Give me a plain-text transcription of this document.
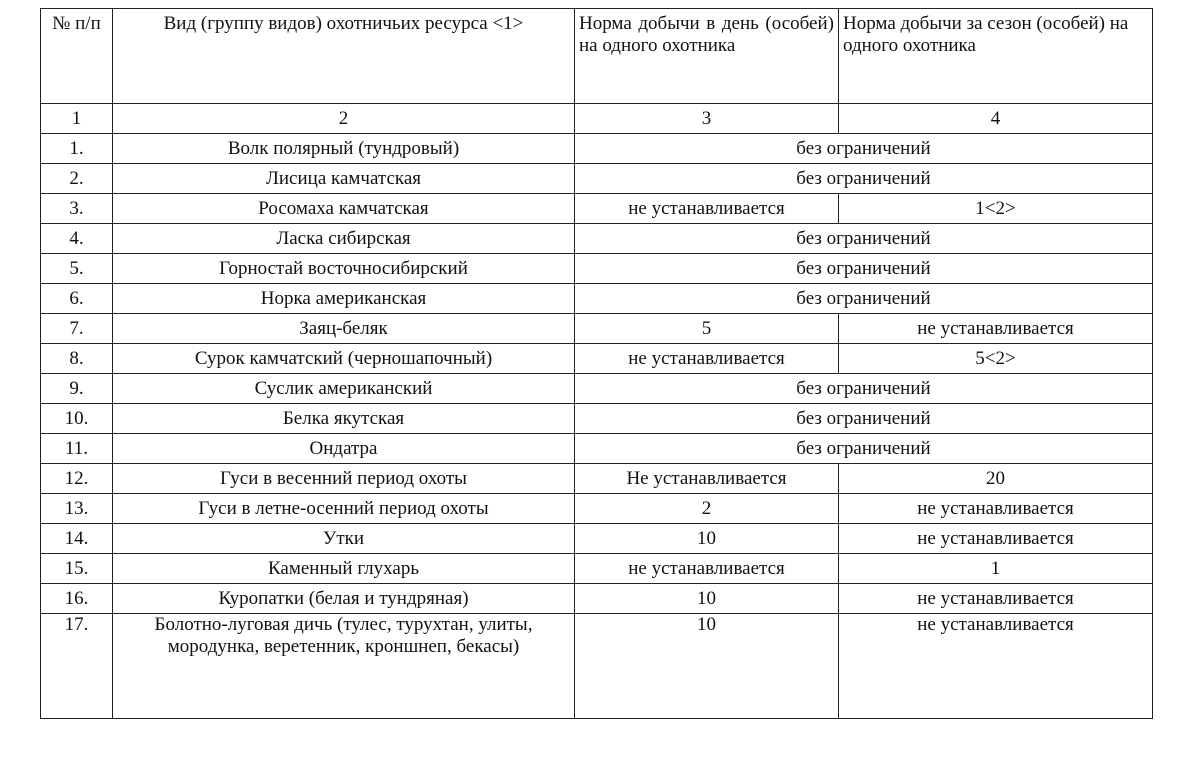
№ п/п	Вид (группу видов) охотничьих ресурса <1>	Норма добычи в день (особей) на одного охотника	Норма добычи за сезон (особей) на одного охотника
1	2	3	4
1.	Волк полярный (тундровый)	без ограничений	
2.	Лисица камчатская	без ограничений	
3.	Росомаха камчатская	не устанавливается	1<2>
4.	Ласка сибирская	без ограничений	
5.	Горностай восточносибирский	без ограничений	
6.	Норка американская	без ограничений	
7.	Заяц-беляк	5	не устанавливается
8.	Сурок камчатский (черношапочный)	не устанавливается	5<2>
9.	Суслик американский	без ограничений	
10.	Белка якутская	без ограничений	
11.	Ондатра	без ограничений	
12.	Гуси в весенний период охоты	Не устанавливается	20
13.	Гуси в летне-осенний период охоты	2	не устанавливается
14.	Утки	10	не устанавливается
15.	Каменный глухарь	не устанавливается	1
16.	Куропатки (белая и тундряная)	10	не устанавливается
17.	Болотно-луговая дичь (тулес, турухтан, улиты, мородунка, веретенник, кроншнеп, бекасы)	10	не устанавливается
